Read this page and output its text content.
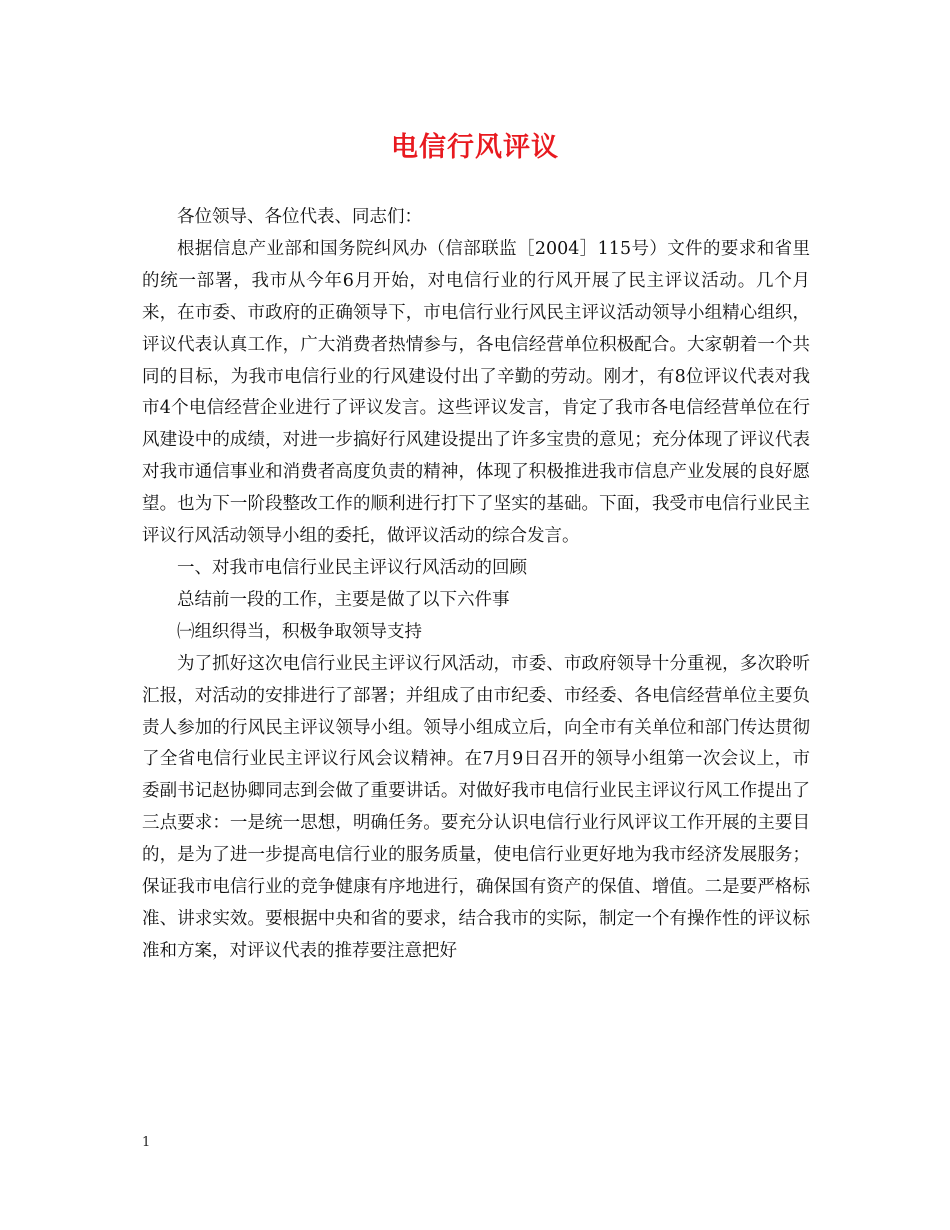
电信行风评议

各位领导、各位代表、同志们：

根据信息产业部和国务院纠风办（信部联监［2004］115号）文件的要求和省里的统一部署，我市从今年6月开始，对电信行业的行风开展了民主评议活动。几个月来，在市委、市政府的正确领导下，市电信行业行风民主评议活动领导小组精心组织，评议代表认真工作，广大消费者热情参与，各电信经营单位积极配合。大家朝着一个共同的目标，为我市电信行业的行风建设付出了辛勤的劳动。刚才，有8位评议代表对我市4个电信经营企业进行了评议发言。这些评议发言，肯定了我市各电信经营单位在行风建设中的成绩，对进一步搞好行风建设提出了许多宝贵的意见；充分体现了评议代表对我市通信事业和消费者高度负责的精神，体现了积极推进我市信息产业发展的良好愿望。也为下一阶段整改工作的顺利进行打下了坚实的基础。下面，我受市电信行业民主评议行风活动领导小组的委托，做评议活动的综合发言。

一、对我市电信行业民主评议行风活动的回顾

总结前一段的工作，主要是做了以下六件事

㈠组织得当，积极争取领导支持

为了抓好这次电信行业民主评议行风活动，市委、市政府领导十分重视，多次聆听汇报，对活动的安排进行了部署；并组成了由市纪委、市经委、各电信经营单位主要负责人参加的行风民主评议领导小组。领导小组成立后，向全市有关单位和部门传达贯彻了全省电信行业民主评议行风会议精神。在7月9日召开的领导小组第一次会议上，市委副书记赵协卿同志到会做了重要讲话。对做好我市电信行业民主评议行风工作提出了三点要求：一是统一思想，明确任务。要充分认识电信行业行风评议工作开展的主要目的，是为了进一步提高电信行业的服务质量，使电信行业更好地为我市经济发展服务；保证我市电信行业的竞争健康有序地进行，确保国有资产的保值、增值。二是要严格标准、讲求实效。要根据中央和省的要求，结合我市的实际，制定一个有操作性的评议标准和方案，对评议代表的推荐要注意把好

1
